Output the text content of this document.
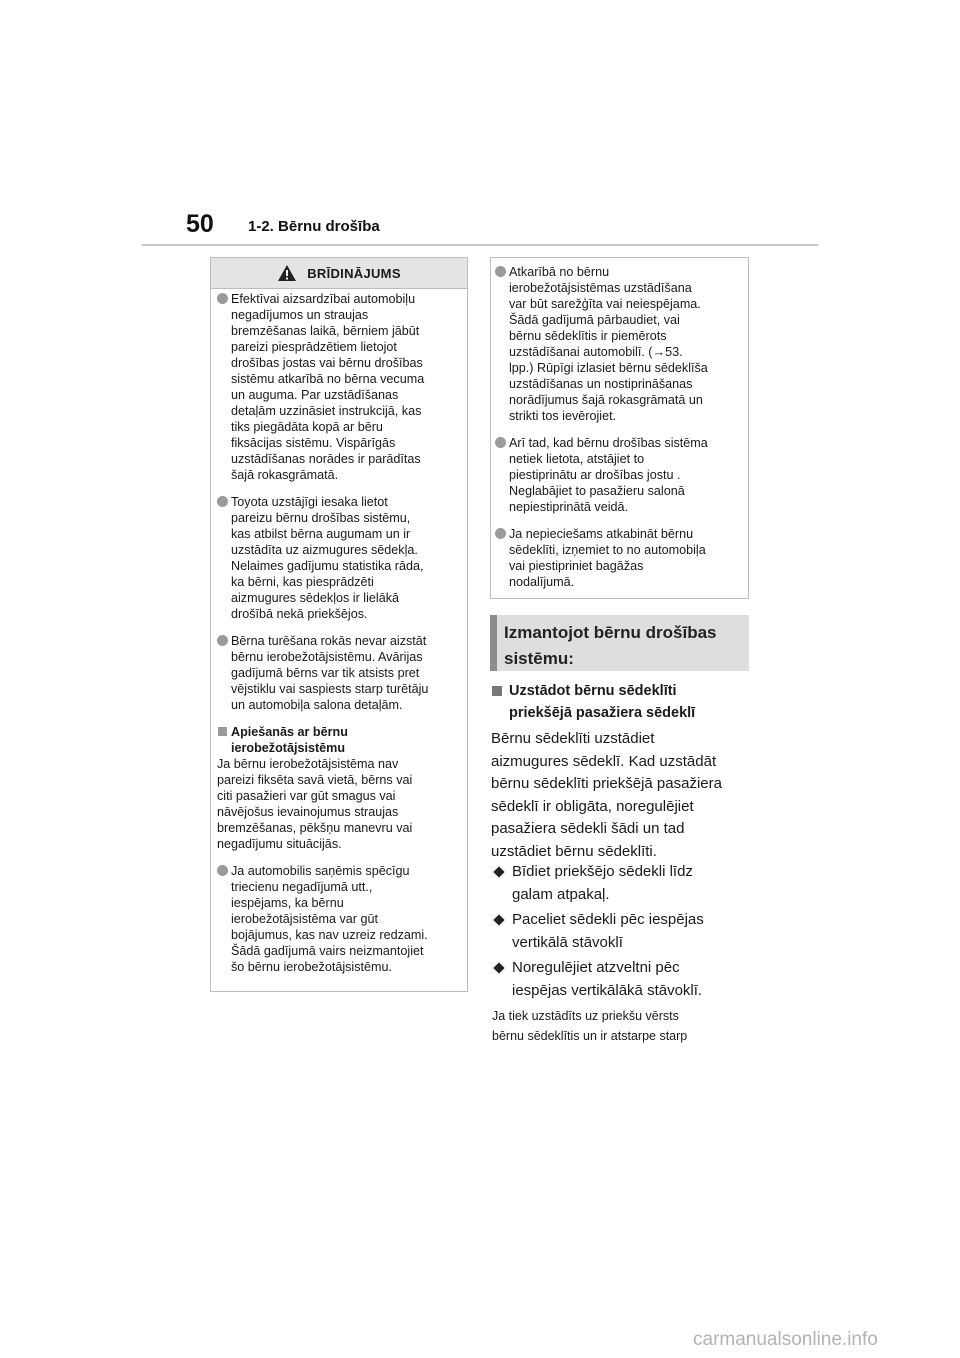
50 1-2. Bērnu drošība
BRĪDINĀJUMS
Efektīvai aizsardzībai automobiļu
negadījumos un straujas
bremzēšanas laikā, bērniem jābūt
pareizi piesprādzētiem lietojot
drošības jostas vai bērnu drošības
sistēmu atkarībā no bērna vecuma
un auguma. Par uzstādīšanas
detaļām uzzināsiet instrukcijā, kas
tiks piegādāta kopā ar bēru
fiksācijas sistēmu. Vispārīgās
uzstādīšanas norādes ir parādītas
šajā rokasgrāmatā.
Toyota uzstājīgi iesaka lietot
pareizu bērnu drošības sistēmu,
kas atbilst bērna augumam un ir
uzstādīta uz aizmugures sēdekļa.
Nelaimes gadījumu statistika rāda,
ka bērni, kas piesprādzēti
aizmugures sēdekļos ir lielākā
drošībā nekā priekšējos.
Bērna turēšana rokās nevar aizstāt
bērnu ierobežotājsistēmu. Avārijas
gadījumā bērns var tik atsists pret
vējstiklu vai saspiests starp turētāju
un automobiļa salona detaļām.
Apiešanās ar bērnu
ierobežotājsistēmu
Ja bērnu ierobežotājsistēma nav
pareizi fiksēta savā vietā, bērns vai
citi pasažieri var gūt smagus vai
nāvējošus ievainojumus straujas
bremzēšanas, pēkšņu manevru vai
negadījumu situācijās.
Ja automobilis saņēmis spēcīgu
triecienu negadījumā utt.,
iespējams, ka bērnu
ierobežotājsistēma var gūt
bojājumus, kas nav uzreiz redzami.
Šādā gadījumā vairs neizmantojiet
šo bērnu ierobežotājsistēmu.
Atkarībā no bērnu
ierobežotājsistēmas uzstādīšana
var būt sarežģīta vai neiespējama.
Šādā gadījumā pārbaudiet, vai
bērnu sēdeklītis ir piemērots
uzstādīšanai automobilī. (→53.
lpp.) Rūpīgi izlasiet bērnu sēdeklīša
uzstādīšanas un nostiprināšanas
norādījumus šajā rokasgrāmatā un
strikti tos ievērojiet.
Arī tad, kad bērnu drošības sistēma
netiek lietota, atstājiet to
piestiprinātu ar drošības jostu .
Neglabājiet to pasažieru salonā
nepiestiprinātā veidā.
Ja nepieciešams atkabināt bērnu
sēdeklīti, izņemiet to no automobiļa
vai piestipriniet bagāžas
nodalījumā.
Izmantojot bērnu drošības
sistēmu:
Uzstādot bērnu sēdeklīti
priekšējā pasažiera sēdeklī
Bērnu sēdeklīti uzstādiet
aizmugures sēdeklī. Kad uzstādāt
bērnu sēdeklīti priekšējā pasažiera
sēdeklī ir obligāta, noregulējiet
pasažiera sēdekli šādi un tad
uzstādiet bērnu sēdeklīti.
Bīdiet priekšējo sēdekli līdz
galam atpakaļ.
Paceliet sēdekli pēc iespējas
vertikālā stāvoklī
Noregulējiet atzveltni pēc
iespējas vertikālākā stāvoklī.
Ja tiek uzstādīts uz priekšu vērsts
bērnu sēdeklītis un ir atstarpe starp
carmanualsonline.info
